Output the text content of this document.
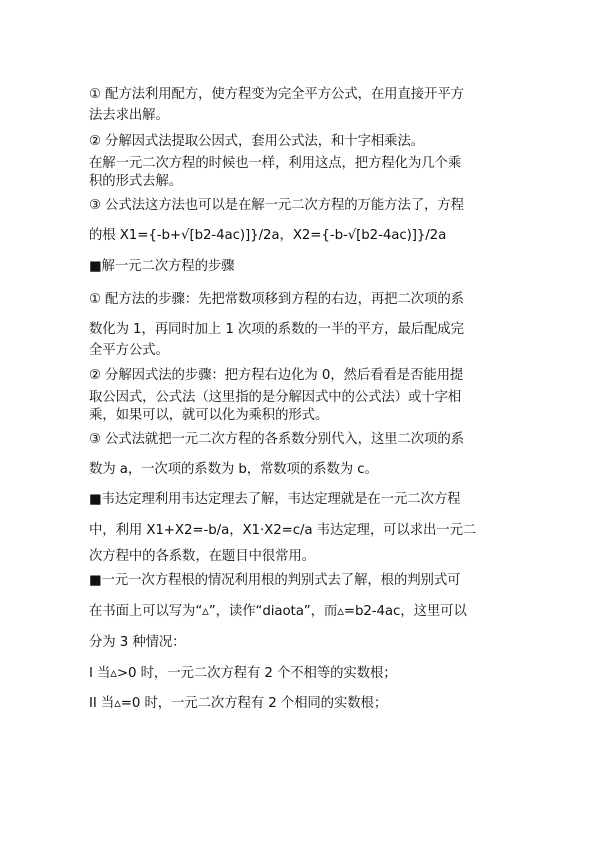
① 配方法利用配方，使方程变为完全平方公式，在用直接开平方

法去求出解。

② 分解因式法提取公因式，套用公式法，和十字相乘法。

在解一元二次方程的时候也一样，利用这点，把方程化为几个乘

积的形式去解。

③ 公式法这方法也可以是在解一元二次方程的万能方法了，方程

的根 X1={-b+√[b2-4ac)]}/2a，X2={-b-√[b2-4ac)]}/2a

■解一元二次方程的步骤

① 配方法的步骤：先把常数项移到方程的右边，再把二次项的系

数化为 1，再同时加上 1 次项的系数的一半的平方，最后配成完

全平方公式。

② 分解因式法的步骤：把方程右边化为 0，然后看看是否能用提

取公因式，公式法（这里指的是分解因式中的公式法）或十字相

乘，如果可以，就可以化为乘积的形式。

③ 公式法就把一元二次方程的各系数分别代入，这里二次项的系

数为 a，一次项的系数为 b，常数项的系数为 c。

■韦达定理利用韦达定理去了解，韦达定理就是在一元二次方程

中，利用 X1+X2=-b/a，X1·X2=c/a 韦达定理，可以求出一元二

次方程中的各系数，在题目中很常用。

■一元一次方程根的情况利用根的判别式去了解，根的判别式可

在书面上可以写为“▵”，读作“diaota”，而▵=b2-4ac，这里可以

分为 3 种情况：

I 当▵>0 时，一元二次方程有 2 个不相等的实数根；

II 当▵=0 时，一元二次方程有 2 个相同的实数根；
